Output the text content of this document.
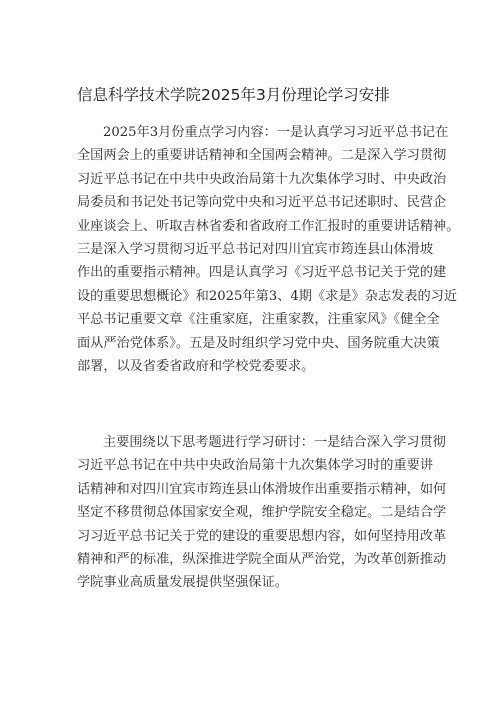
信息科学技术学院2025年3月份理论学习安排
2025年3月份重点学习内容：一是认真学习习近平总书记在
全国两会上的重要讲话精神和全国两会精神。二是深入学习贯彻
习近平总书记在中共中央政治局第十九次集体学习时、中央政治
局委员和书记处书记等向党中央和习近平总书记述职时、民营企
业座谈会上、听取吉林省委和省政府工作汇报时的重要讲话精神。
三是深入学习贯彻习近平总书记对四川宜宾市筠连县山体滑坡
作出的重要指示精神。四是认真学习《习近平总书记关于党的建
设的重要思想概论》和2025年第3、4期《求是》杂志发表的习近
平总书记重要文章《注重家庭，注重家教，注重家风》《健全全
面从严治党体系》。五是及时组织学习党中央、国务院重大决策
部署，以及省委省政府和学校党委要求。
主要围绕以下思考题进行学习研讨：一是结合深入学习贯彻
习近平总书记在中共中央政治局第十九次集体学习时的重要讲
话精神和对四川宜宾市筠连县山体滑坡作出重要指示精神，如何
坚定不移贯彻总体国家安全观，维护学院安全稳定。二是结合学
习习近平总书记关于党的建设的重要思想内容，如何坚持用改革
精神和严的标准，纵深推进学院全面从严治党，为改革创新推动
学院事业高质量发展提供坚强保证。
